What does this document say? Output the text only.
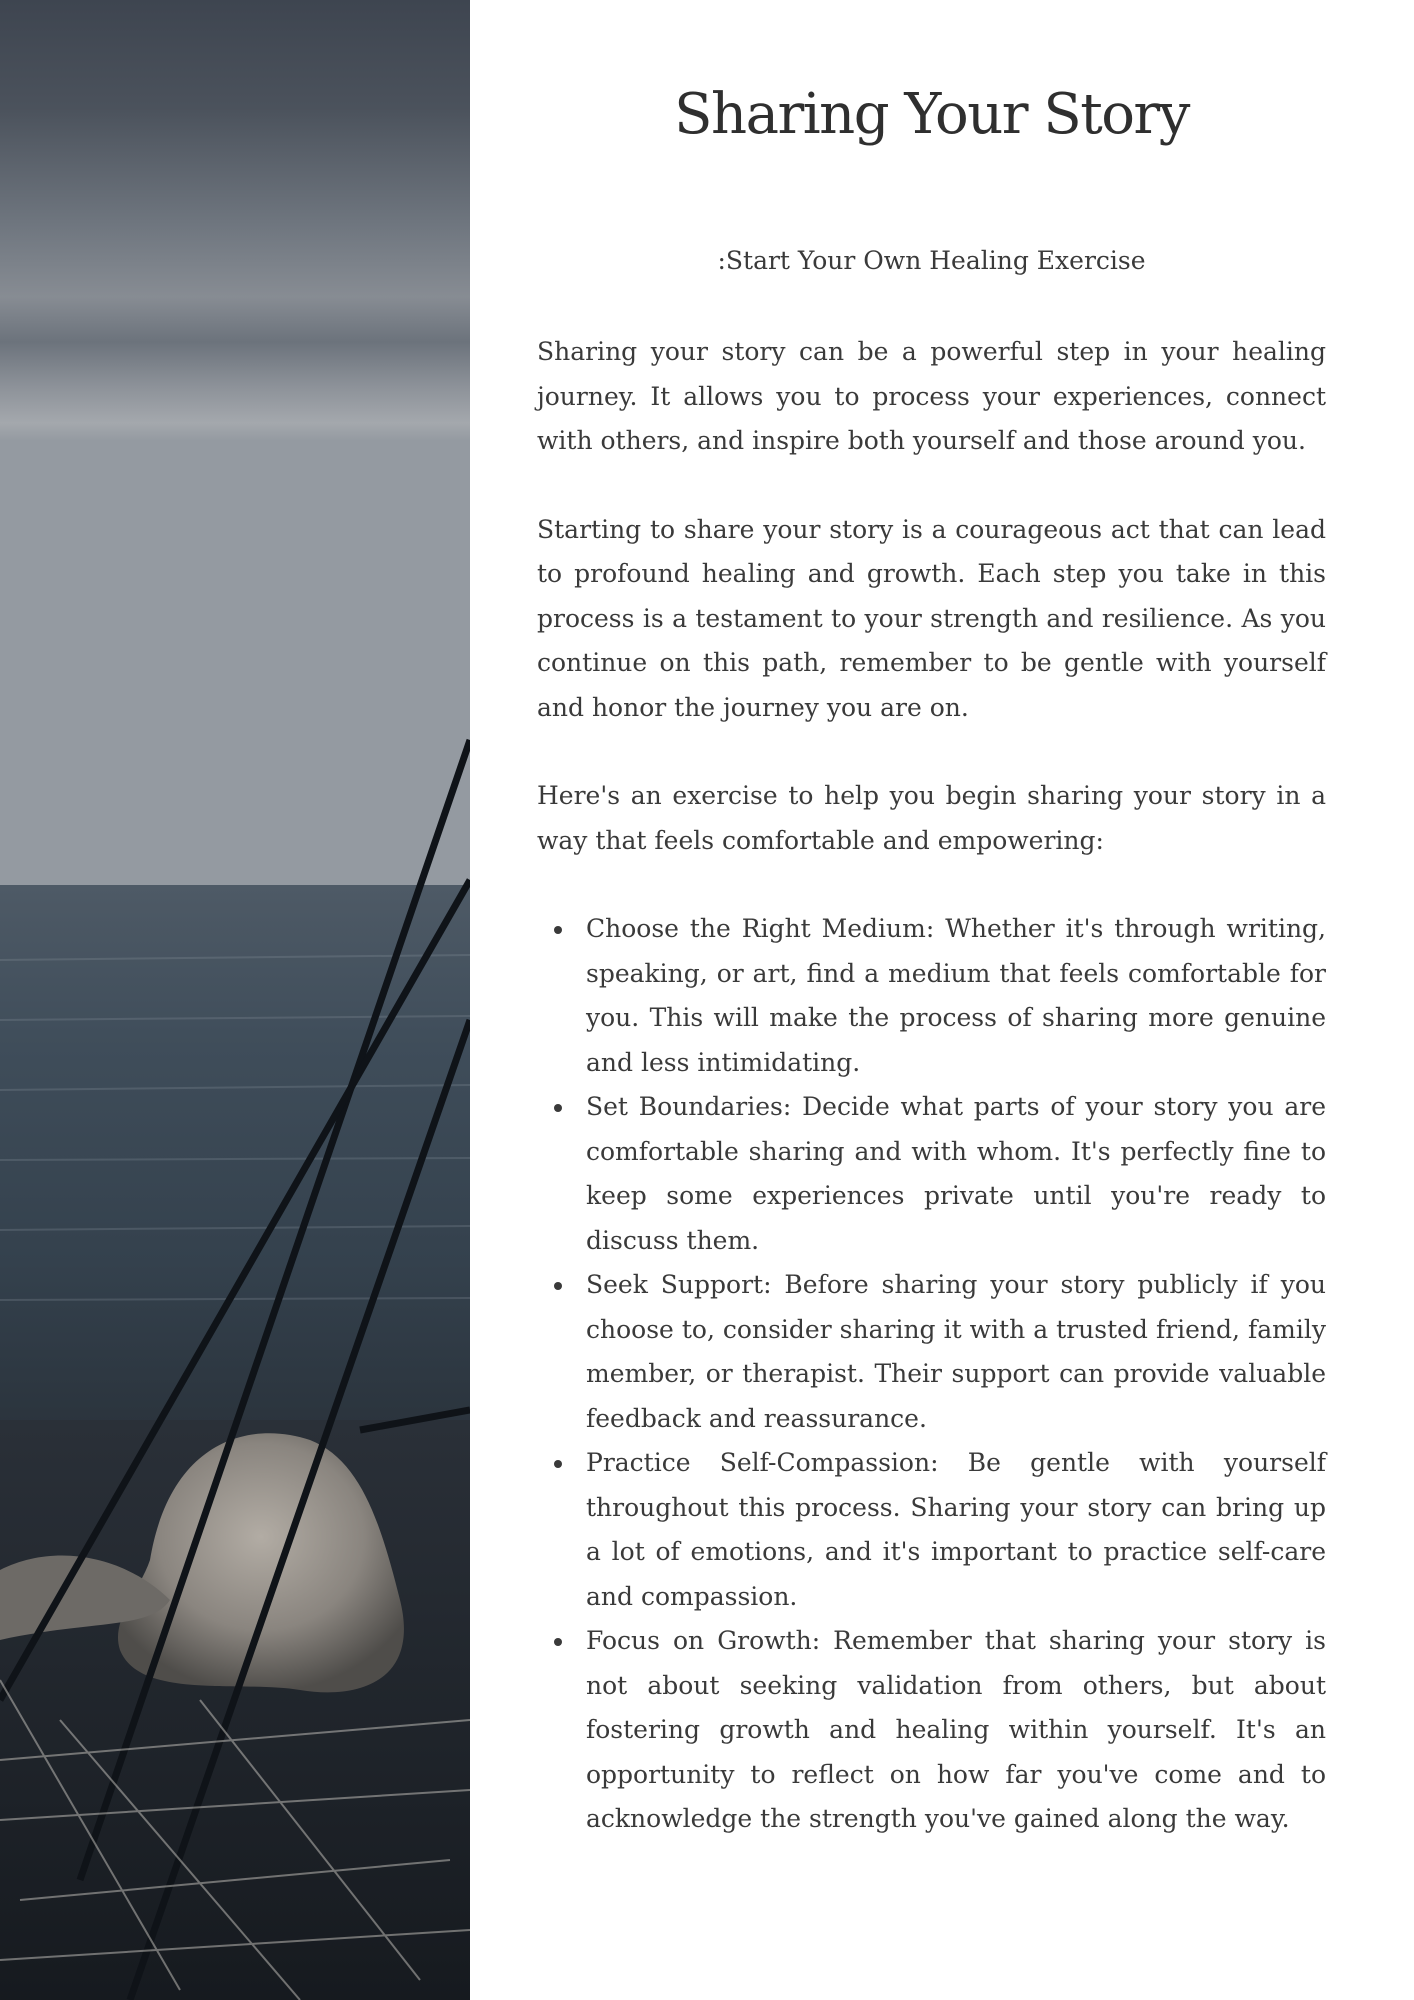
Sharing Your Story

:Start Your Own Healing Exercise

Sharing your story can be a powerful step in your healing journey. It allows you to process your experiences, connect with others, and inspire both yourself and those around you.

Starting to share your story is a courageous act that can lead to profound healing and growth. Each step you take in this process is a testament to your strength and resilience. As you continue on this path, remember to be gentle with yourself and honor the journey you are on.

Here's an exercise to help you begin sharing your story in a way that feels comfortable and empowering:

Choose the Right Medium: Whether it's through writing, speaking, or art, find a medium that feels comfortable for you. This will make the process of sharing more genuine and less intimidating.
Set Boundaries: Decide what parts of your story you are comfortable sharing and with whom. It's perfectly fine to keep some experiences private until you're ready to discuss them.
Seek Support: Before sharing your story publicly if you choose to, consider sharing it with a trusted friend, family member, or therapist. Their support can provide valuable feedback and reassurance.
Practice Self-Compassion: Be gentle with yourself throughout this process. Sharing your story can bring up a lot of emotions, and it's important to practice self-care and compassion.
Focus on Growth: Remember that sharing your story is not about seeking validation from others, but about fostering growth and healing within yourself. It's an opportunity to reflect on how far you've come and to acknowledge the strength you've gained along the way.
